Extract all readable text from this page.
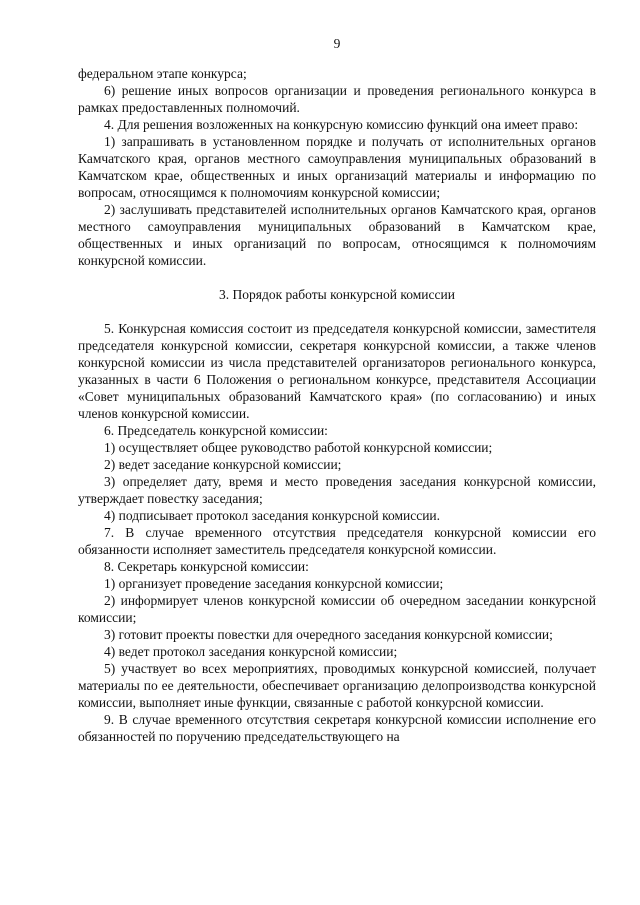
9

федеральном этапе конкурса;

6) решение иных вопросов организации и проведения регионального конкурса в рамках предоставленных полномочий.

4. Для решения возложенных на конкурсную комиссию функций она имеет право:

1) запрашивать в установленном порядке и получать от исполнительных органов Камчатского края, органов местного самоуправления муниципальных образований в Камчатском крае, общественных и иных организаций материалы и информацию по вопросам, относящимся к полномочиям конкурсной комиссии;

2) заслушивать представителей исполнительных органов Камчатского края, органов местного самоуправления муниципальных образований в Камчатском крае, общественных и иных организаций по вопросам, относящимся к полномочиям конкурсной комиссии.

3. Порядок работы конкурсной комиссии

5. Конкурсная комиссия состоит из председателя конкурсной комиссии, заместителя председателя конкурсной комиссии, секретаря конкурсной комиссии, а также членов конкурсной комиссии из числа представителей организаторов регионального конкурса, указанных в части 6 Положения о региональном конкурсе, представителя Ассоциации «Совет муниципальных образований Камчатского края» (по согласованию) и иных членов конкурсной комиссии.

6. Председатель конкурсной комиссии:

1) осуществляет общее руководство работой конкурсной комиссии;

2) ведет заседание конкурсной комиссии;

3) определяет дату, время и место проведения заседания конкурсной комиссии, утверждает повестку заседания;

4) подписывает протокол заседания конкурсной комиссии.

7. В случае временного отсутствия председателя конкурсной комиссии его обязанности исполняет заместитель председателя конкурсной комиссии.

8. Секретарь конкурсной комиссии:

1) организует проведение заседания конкурсной комиссии;

2) информирует членов конкурсной комиссии об очередном заседании конкурсной комиссии;

3) готовит проекты повестки для очередного заседания конкурсной комиссии;

4) ведет протокол заседания конкурсной комиссии;

5) участвует во всех мероприятиях, проводимых конкурсной комиссией, получает материалы по ее деятельности, обеспечивает организацию делопроизводства конкурсной комиссии, выполняет иные функции, связанные с работой конкурсной комиссии.

9. В случае временного отсутствия секретаря конкурсной комиссии исполнение его обязанностей по поручению председательствующего на
